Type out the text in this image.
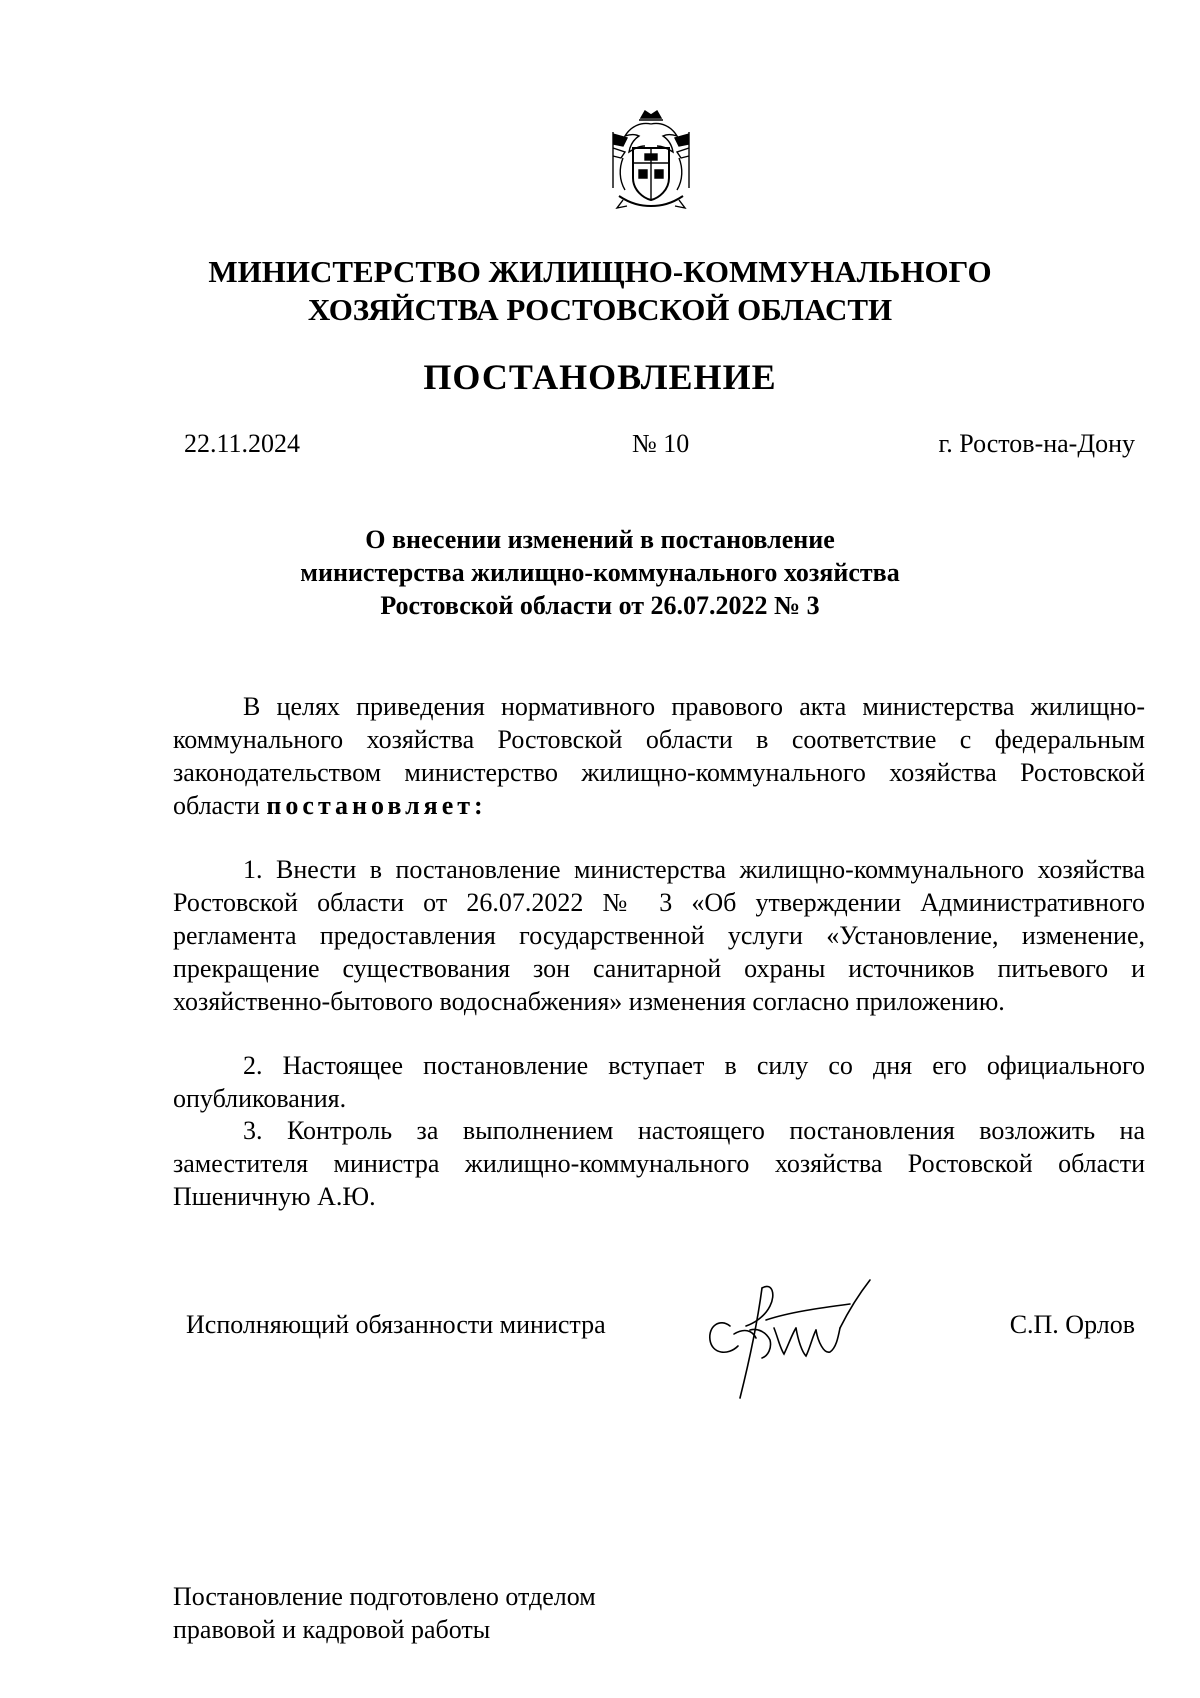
МИНИСТЕРСТВО ЖИЛИЩНО-КОММУНАЛЬНОГО
ХОЗЯЙСТВА РОСТОВСКОЙ ОБЛАСТИ
ПОСТАНОВЛЕНИЕ
22.11.2024	№ 10	г. Ростов-на-Дону
О внесении изменений в постановление
министерства жилищно-коммунального хозяйства
Ростовской области от 26.07.2022 № 3

В целях приведения нормативного правового акта министерства жилищно-коммунального хозяйства Ростовской области в соответствие с федеральным законодательством министерство жилищно-коммунального хозяйства Ростовской области постановляет:

1. Внести в постановление министерства жилищно-коммунального хозяйства Ростовской области от 26.07.2022 № 3 «Об утверждении Административного регламента предоставления государственной услуги «Установление, изменение, прекращение существования зон санитарной охраны источников питьевого и хозяйственно-бытового водоснабжения» изменения согласно приложению.

2. Настоящее постановление вступает в силу со дня его официального опубликования.

3. Контроль за выполнением настоящего постановления возложить на заместителя министра жилищно-коммунального хозяйства Ростовской области Пшеничную А.Ю.

Исполняющий обязанности министра	С.П. Орлов
Постановление подготовлено отделом
правовой и кадровой работы
